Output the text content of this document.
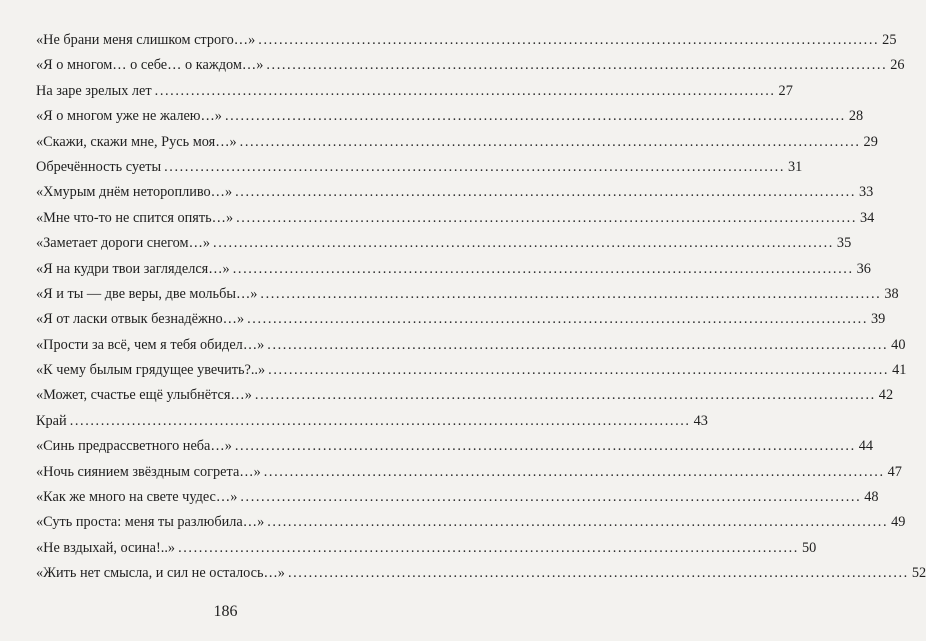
«Не брани меня слишком строго…» ........................................................................................................................ 25
«Я о многом… о себе… о каждом…» ........................................................................................................................ 26
На заре зрелых лет ........................................................................................................................ 27
«Я о многом уже не жалею…» ........................................................................................................................ 28
«Скажи, скажи мне, Русь моя…» ........................................................................................................................ 29
Обречённость суеты ........................................................................................................................ 31
«Хмурым днём неторопливо…» ........................................................................................................................ 33
«Мне что-то не спится опять…» ........................................................................................................................ 34
«Заметает дороги снегом…» ........................................................................................................................ 35
«Я на кудри твои загляделся…» ........................................................................................................................ 36
«Я и ты — две веры, две мольбы…» ........................................................................................................................ 38
«Я от ласки отвык безнадёжно…» ........................................................................................................................ 39
«Прости за всё, чем я тебя обидел…» ........................................................................................................................ 40
«К чему былым грядущее увечить?..» ........................................................................................................................ 41
«Может, счастье ещё улыбнётся…» ........................................................................................................................ 42
Край ........................................................................................................................ 43
«Синь предрассветного неба…» ........................................................................................................................ 44
«Ночь сиянием звёздным согрета…» ........................................................................................................................ 47
«Как же много на свете чудес…» ........................................................................................................................ 48
«Суть проста: меня ты разлюбила…» ........................................................................................................................ 49
«Не вздыхай, осина!..» ........................................................................................................................ 50
«Жить нет смысла, и сил не осталось…» ........................................................................................................................ 52
186
